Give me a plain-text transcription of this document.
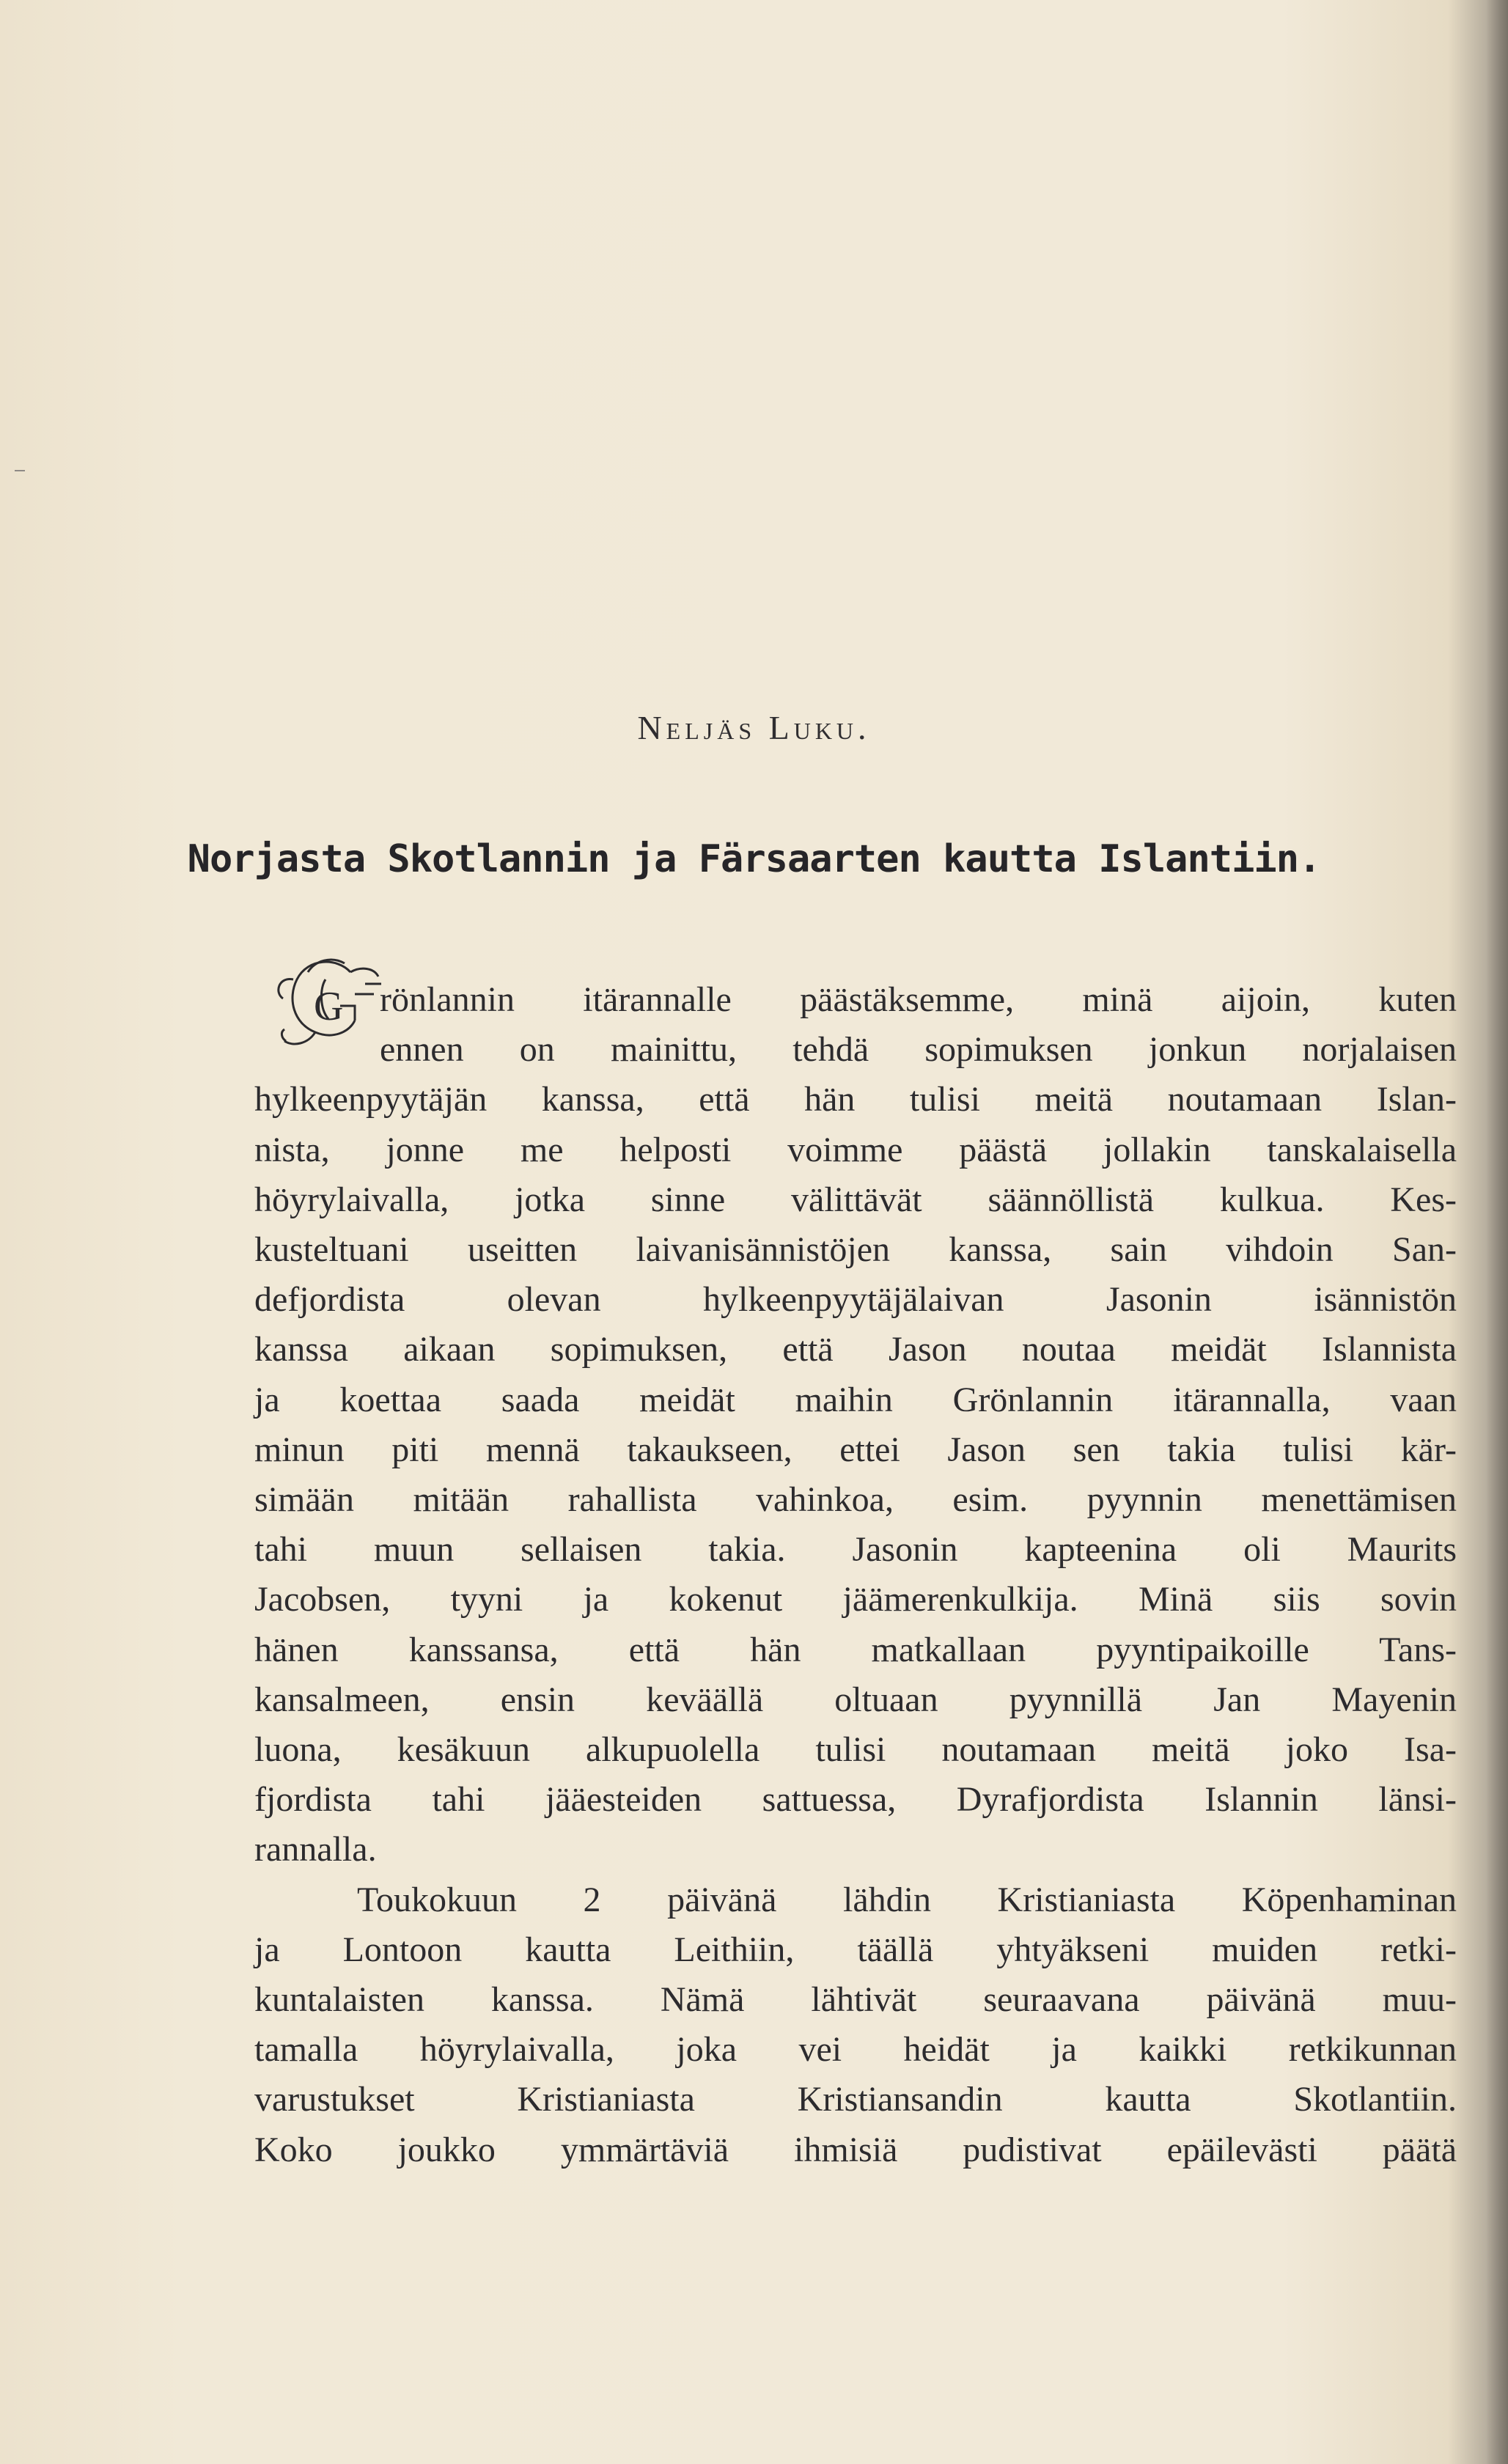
Neljäs Luku.
Norjasta Skotlannin ja Färsaarten kautta Islantiin.
G rönlannin itärannalle päästäksemme, minä aijoin, kuten
ennen on mainittu, tehdä sopimuksen jonkun norjalaisen
hylkeenpyytäjän kanssa, että hän tulisi meitä noutamaan Islan-
nista, jonne me helposti voimme päästä jollakin tanskalaisella
höyrylaivalla, jotka sinne välittävät säännöllistä kulkua. Kes-
kusteltuani useitten laivanisännistöjen kanssa, sain vihdoin San-
defjordista olevan hylkeenpyytäjälaivan Jasonin isännistön
kanssa aikaan sopimuksen, että Jason noutaa meidät Islannista
ja koettaa saada meidät maihin Grönlannin itärannalla, vaan
minun piti mennä takaukseen, ettei Jason sen takia tulisi kär-
simään mitään rahallista vahinkoa, esim. pyynnin menettämisen
tahi muun sellaisen takia. Jasonin kapteenina oli Maurits
Jacobsen, tyyni ja kokenut jäämerenkulkija. Minä siis sovin
hänen kanssansa, että hän matkallaan pyyntipaikoille Tans-
kansalmeen, ensin keväällä oltuaan pyynnillä Jan Mayenin
luona, kesäkuun alkupuolella tulisi noutamaan meitä joko Isa-
fjordista tahi jääesteiden sattuessa, Dyrafjordista Islannin länsi-
rannalla.
Toukokuun 2 päivänä lähdin Kristianiasta Köpenhaminan
ja Lontoon kautta Leithiin, täällä yhtyäkseni muiden retki-
kuntalaisten kanssa. Nämä lähtivät seuraavana päivänä muu-
tamalla höyrylaivalla, joka vei heidät ja kaikki retkikunnan
varustukset Kristianiasta Kristiansandin kautta Skotlantiin.
Koko joukko ymmärtäviä ihmisiä pudistivat epäilevästi päätä
